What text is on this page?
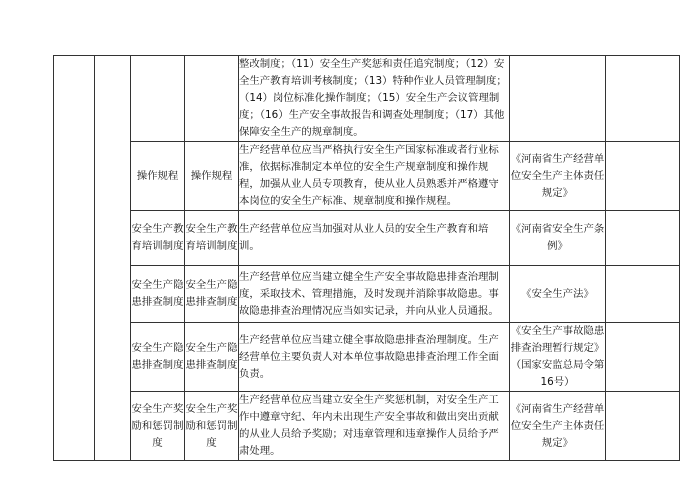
				整改制度；（11）安全生产奖惩和责任追究制度；（12）安全生产教育培训考核制度；（13）特种作业人员管理制度；（14）岗位标准化操作制度；（15）安全生产会议管理制度；（16）生产安全事故报告和调查处理制度；（17）其他保障安全生产的规章制度。		
		操作规程	操作规程	生产经营单位应当严格执行安全生产国家标准或者行业标准，依据标准制定本单位的安全生产规章制度和操作规程，加强从业人员专项教育，使从业人员熟悉并严格遵守本岗位的安全生产标准、规章制度和操作规程。	《河南省生产经营单位安全生产主体责任规定》	
		安全生产教育培训制度	安全生产教育培训制度	生产经营单位应当加强对从业人员的安全生产教育和培训。	《河南省安全生产条例》	
		安全生产隐患排查制度	安全生产隐患排查制度	生产经营单位应当建立健全生产安全事故隐患排查治理制度，采取技术、管理措施，及时发现并消除事故隐患。事故隐患排查治理情况应当如实记录，并向从业人员通报。	《安全生产法》	
		安全生产隐患排查制度	安全生产隐患排查制度	生产经营单位应当建立健全事故隐患排查治理制度。生产经营单位主要负责人对本单位事故隐患排查治理工作全面负责。	《安全生产事故隐患排查治理暂行规定》（国家安监总局令第16号）	
		安全生产奖励和惩罚制度	安全生产奖励和惩罚制度	生产经营单位应当建立安全生产奖惩机制，对安全生产工作中遵章守纪、年内未出现生产安全事故和做出突出贡献的从业人员给予奖励；对违章管理和违章操作人员给予严肃处理。	《河南省生产经营单位安全生产主体责任规定》	
